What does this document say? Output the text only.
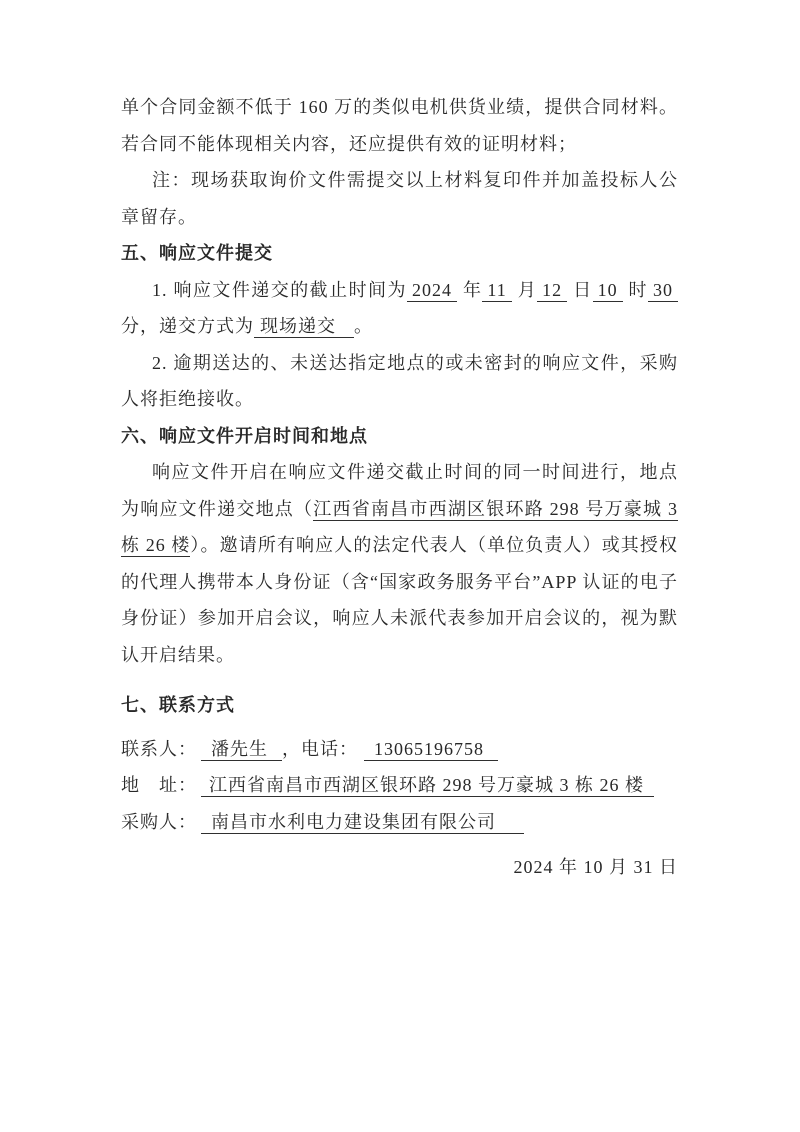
单个合同金额不低于 160 万的类似电机供货业绩，提供合同材料。若合同不能体现相关内容，还应提供有效的证明材料；

注：现场获取询价文件需提交以上材料复印件并加盖投标人公章留存。

五、响应文件提交

1. 响应文件递交的截止时间为 2024 年 11 月 12 日 10 时 30分，递交方式为 现场递交 。

2. 逾期送达的、未送达指定地点的或未密封的响应文件，采购人将拒绝接收。

六、响应文件开启时间和地点

响应文件开启在响应文件递交截止时间的同一时间进行，地点为响应文件递交地点（江西省南昌市西湖区银环路 298 号万豪城 3 栋 26 楼）。邀请所有响应人的法定代表人（单位负责人）或其授权的代理人携带本人身份证（含“国家政务服务平台”APP 认证的电子身份证）参加开启会议，响应人未派代表参加开启会议的，视为默认开启结果。

七、联系方式

联系人： 潘先生 ，电话： 13065196758

地　址： 江西省南昌市西湖区银环路 298 号万豪城 3 栋 26 楼

采购人： 南昌市水利电力建设集团有限公司

2024 年 10 月 31 日
